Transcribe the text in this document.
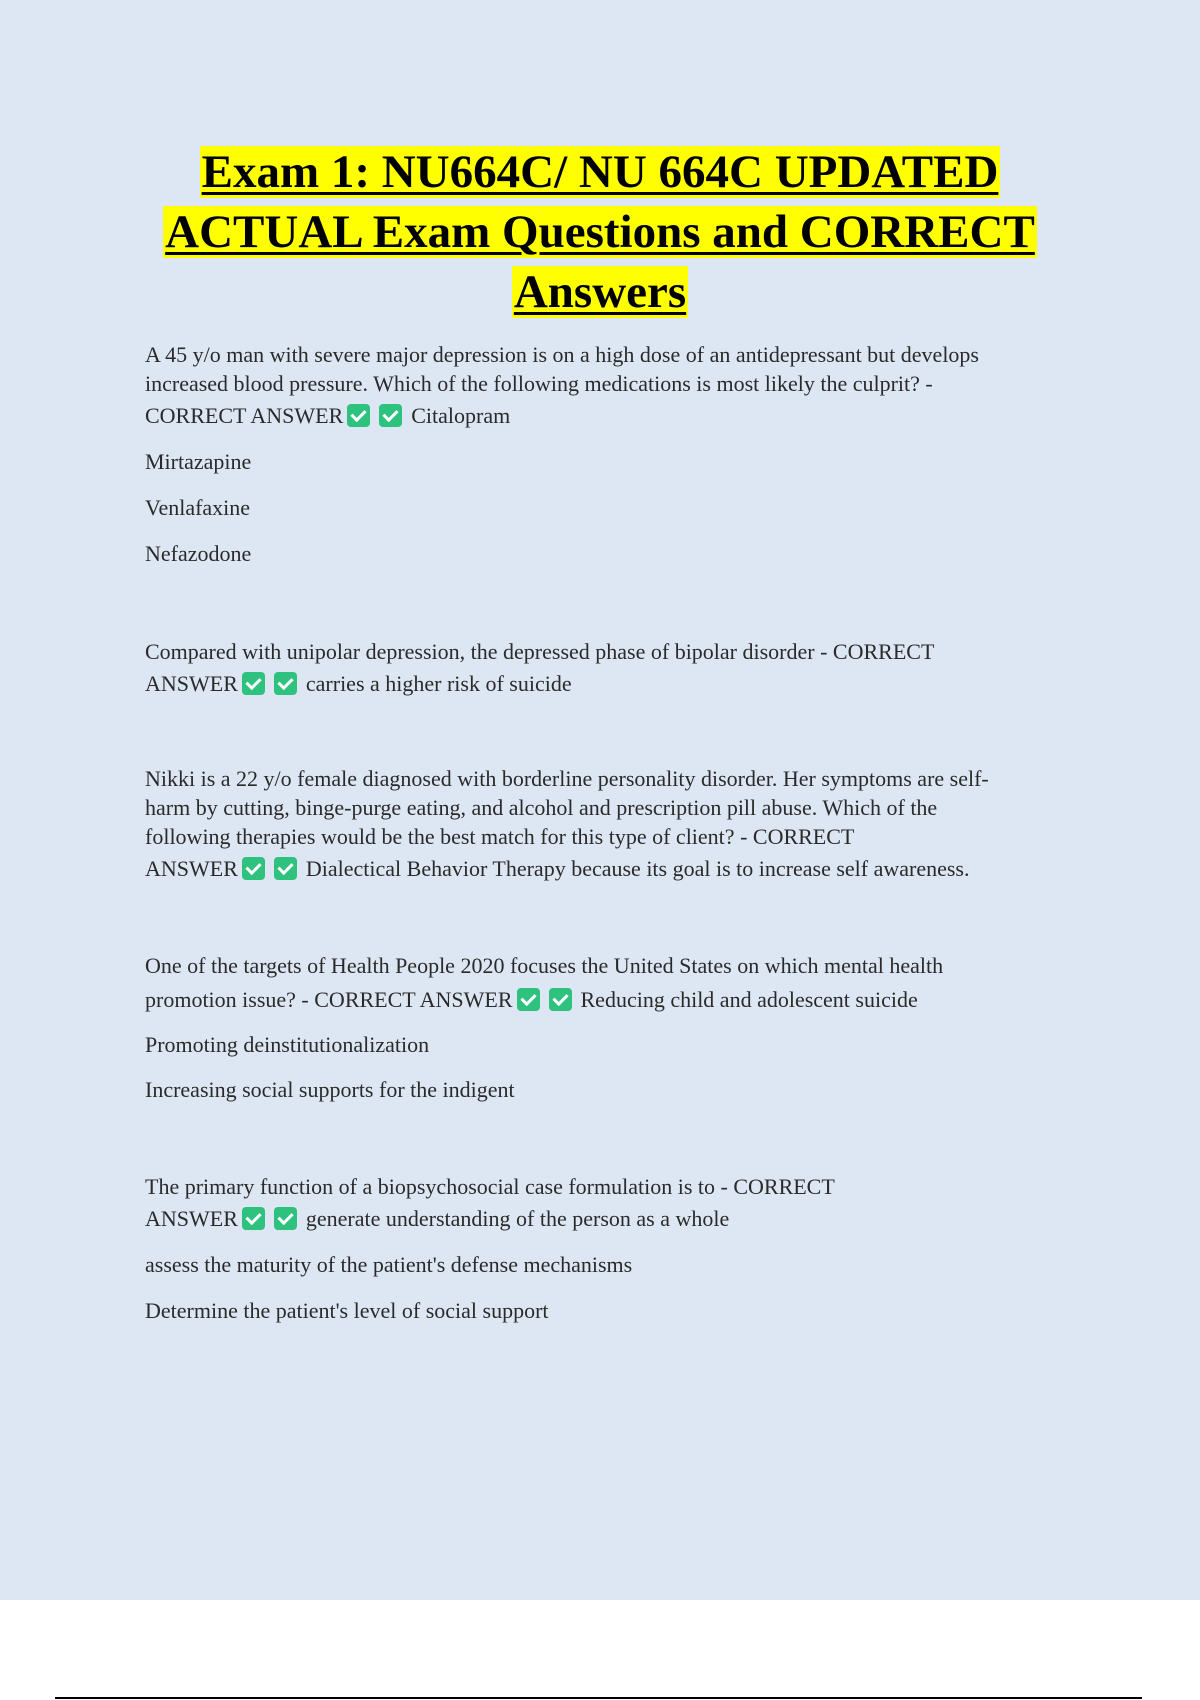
Exam 1: NU664C/ NU 664C UPDATED
ACTUAL Exam Questions and CORRECT
Answers
A 45 y/o man with severe major depression is on a high dose of an antidepressant but develops
increased blood pressure. Which of the following medications is most likely the culprit? -
CORRECT ANSWER	Citalopram
Mirtazapine
Venlafaxine
Nefazodone
Compared with unipolar depression, the depressed phase of bipolar disorder - CORRECT
ANSWER	carries a higher risk of suicide
Nikki is a 22 y/o female diagnosed with borderline personality disorder. Her symptoms are self-
harm by cutting, binge-purge eating, and alcohol and prescription pill abuse. Which of the
following therapies would be the best match for this type of client? - CORRECT
ANSWER	Dialectical Behavior Therapy because its goal is to increase self awareness.
One of the targets of Health People 2020 focuses the United States on which mental health
promotion issue? - CORRECT ANSWER	Reducing child and adolescent suicide
Promoting deinstitutionalization
Increasing social supports for the indigent
The primary function of a biopsychosocial case formulation is to - CORRECT
ANSWER	generate understanding of the person as a whole
assess the maturity of the patient's defense mechanisms
Determine the patient's level of social support
